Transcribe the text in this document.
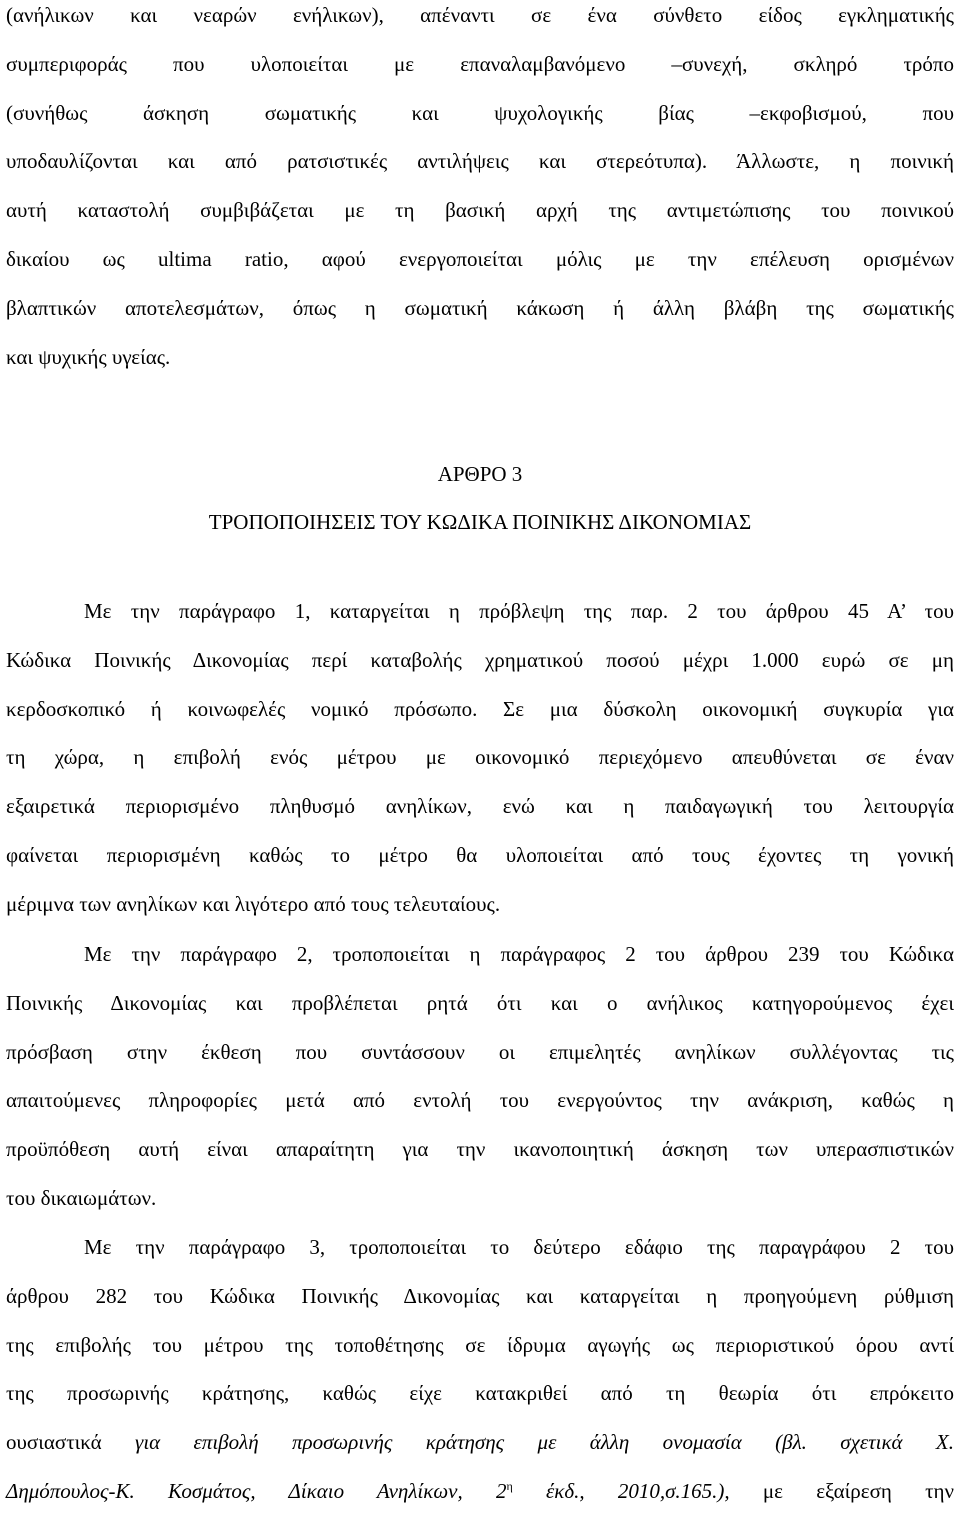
(ανήλικων και νεαρών ενήλικων), απέναντι σε ένα σύνθετο είδος εγκληματικής
συμπεριφοράς που υλοποιείται με επαναλαμβανόμενο –συνεχή, σκληρό τρόπο
(συνήθως άσκηση σωματικής και ψυχολογικής βίας –εκφοβισμού, που
υποδαυλίζονται και από ρατσιστικές αντιλήψεις και στερεότυπα). Άλλωστε, η ποινική
αυτή καταστολή συμβιβάζεται με τη βασική αρχή της αντιμετώπισης του ποινικού
δικαίου ως ultima ratio, αφού ενεργοποιείται μόλις με την επέλευση ορισμένων
βλαπτικών αποτελεσμάτων, όπως η σωματική κάκωση ή άλλη βλάβη της σωματικής
και ψυχικής υγείας.

ΑΡΘΡΟ 3

ΤΡΟΠΟΠΟΙΗΣΕΙΣ ΤΟΥ ΚΩΔΙΚΑ ΠΟΙΝΙΚΗΣ ΔΙΚΟΝΟΜΙΑΣ

Με την παράγραφο 1, καταργείται η πρόβλεψη της παρ. 2 του άρθρου 45 Α’ του
Κώδικα Ποινικής Δικονομίας περί καταβολής χρηματικού ποσού μέχρι 1.000 ευρώ σε μη
κερδοσκοπικό ή κοινωφελές νομικό πρόσωπο. Σε μια δύσκολη οικονομική συγκυρία για
τη χώρα, η επιβολή ενός μέτρου με οικονομικό περιεχόμενο απευθύνεται σε έναν
εξαιρετικά περιορισμένο πληθυσμό ανηλίκων, ενώ και η παιδαγωγική του λειτουργία
φαίνεται περιορισμένη καθώς το μέτρο θα υλοποιείται από τους έχοντες τη γονική
μέριμνα των ανηλίκων και λιγότερο από τους τελευταίους.
Με την παράγραφο 2, τροποποιείται η παράγραφος 2 του άρθρου 239 του Κώδικα
Ποινικής Δικονομίας και προβλέπεται ρητά ότι και ο ανήλικος κατηγορούμενος έχει
πρόσβαση στην έκθεση που συντάσσουν οι επιμελητές ανηλίκων συλλέγοντας τις
απαιτούμενες πληροφορίες μετά από εντολή του ενεργούντος την ανάκριση, καθώς η
προϋπόθεση αυτή είναι απαραίτητη για την ικανοποιητική άσκηση των υπερασπιστικών
του δικαιωμάτων.
Με την παράγραφο 3, τροποποιείται το δεύτερο εδάφιο της παραγράφου 2 του
άρθρου 282 του Κώδικα Ποινικής Δικονομίας και καταργείται η προηγούμενη ρύθμιση
της επιβολής του μέτρου της τοποθέτησης σε ίδρυμα αγωγής ως περιοριστικού όρου αντί
της προσωρινής κράτησης, καθώς είχε κατακριθεί από τη θεωρία ότι επρόκειτο
ουσιαστικά για επιβολή προσωρινής κράτησης με άλλη ονομασία (βλ. σχετικά Χ.
Δημόπουλος-Κ. Κοσμάτος, Δίκαιο Ανηλίκων, $2^\eta$ έκδ., 2010,σ.165.), με εξαίρεση την
